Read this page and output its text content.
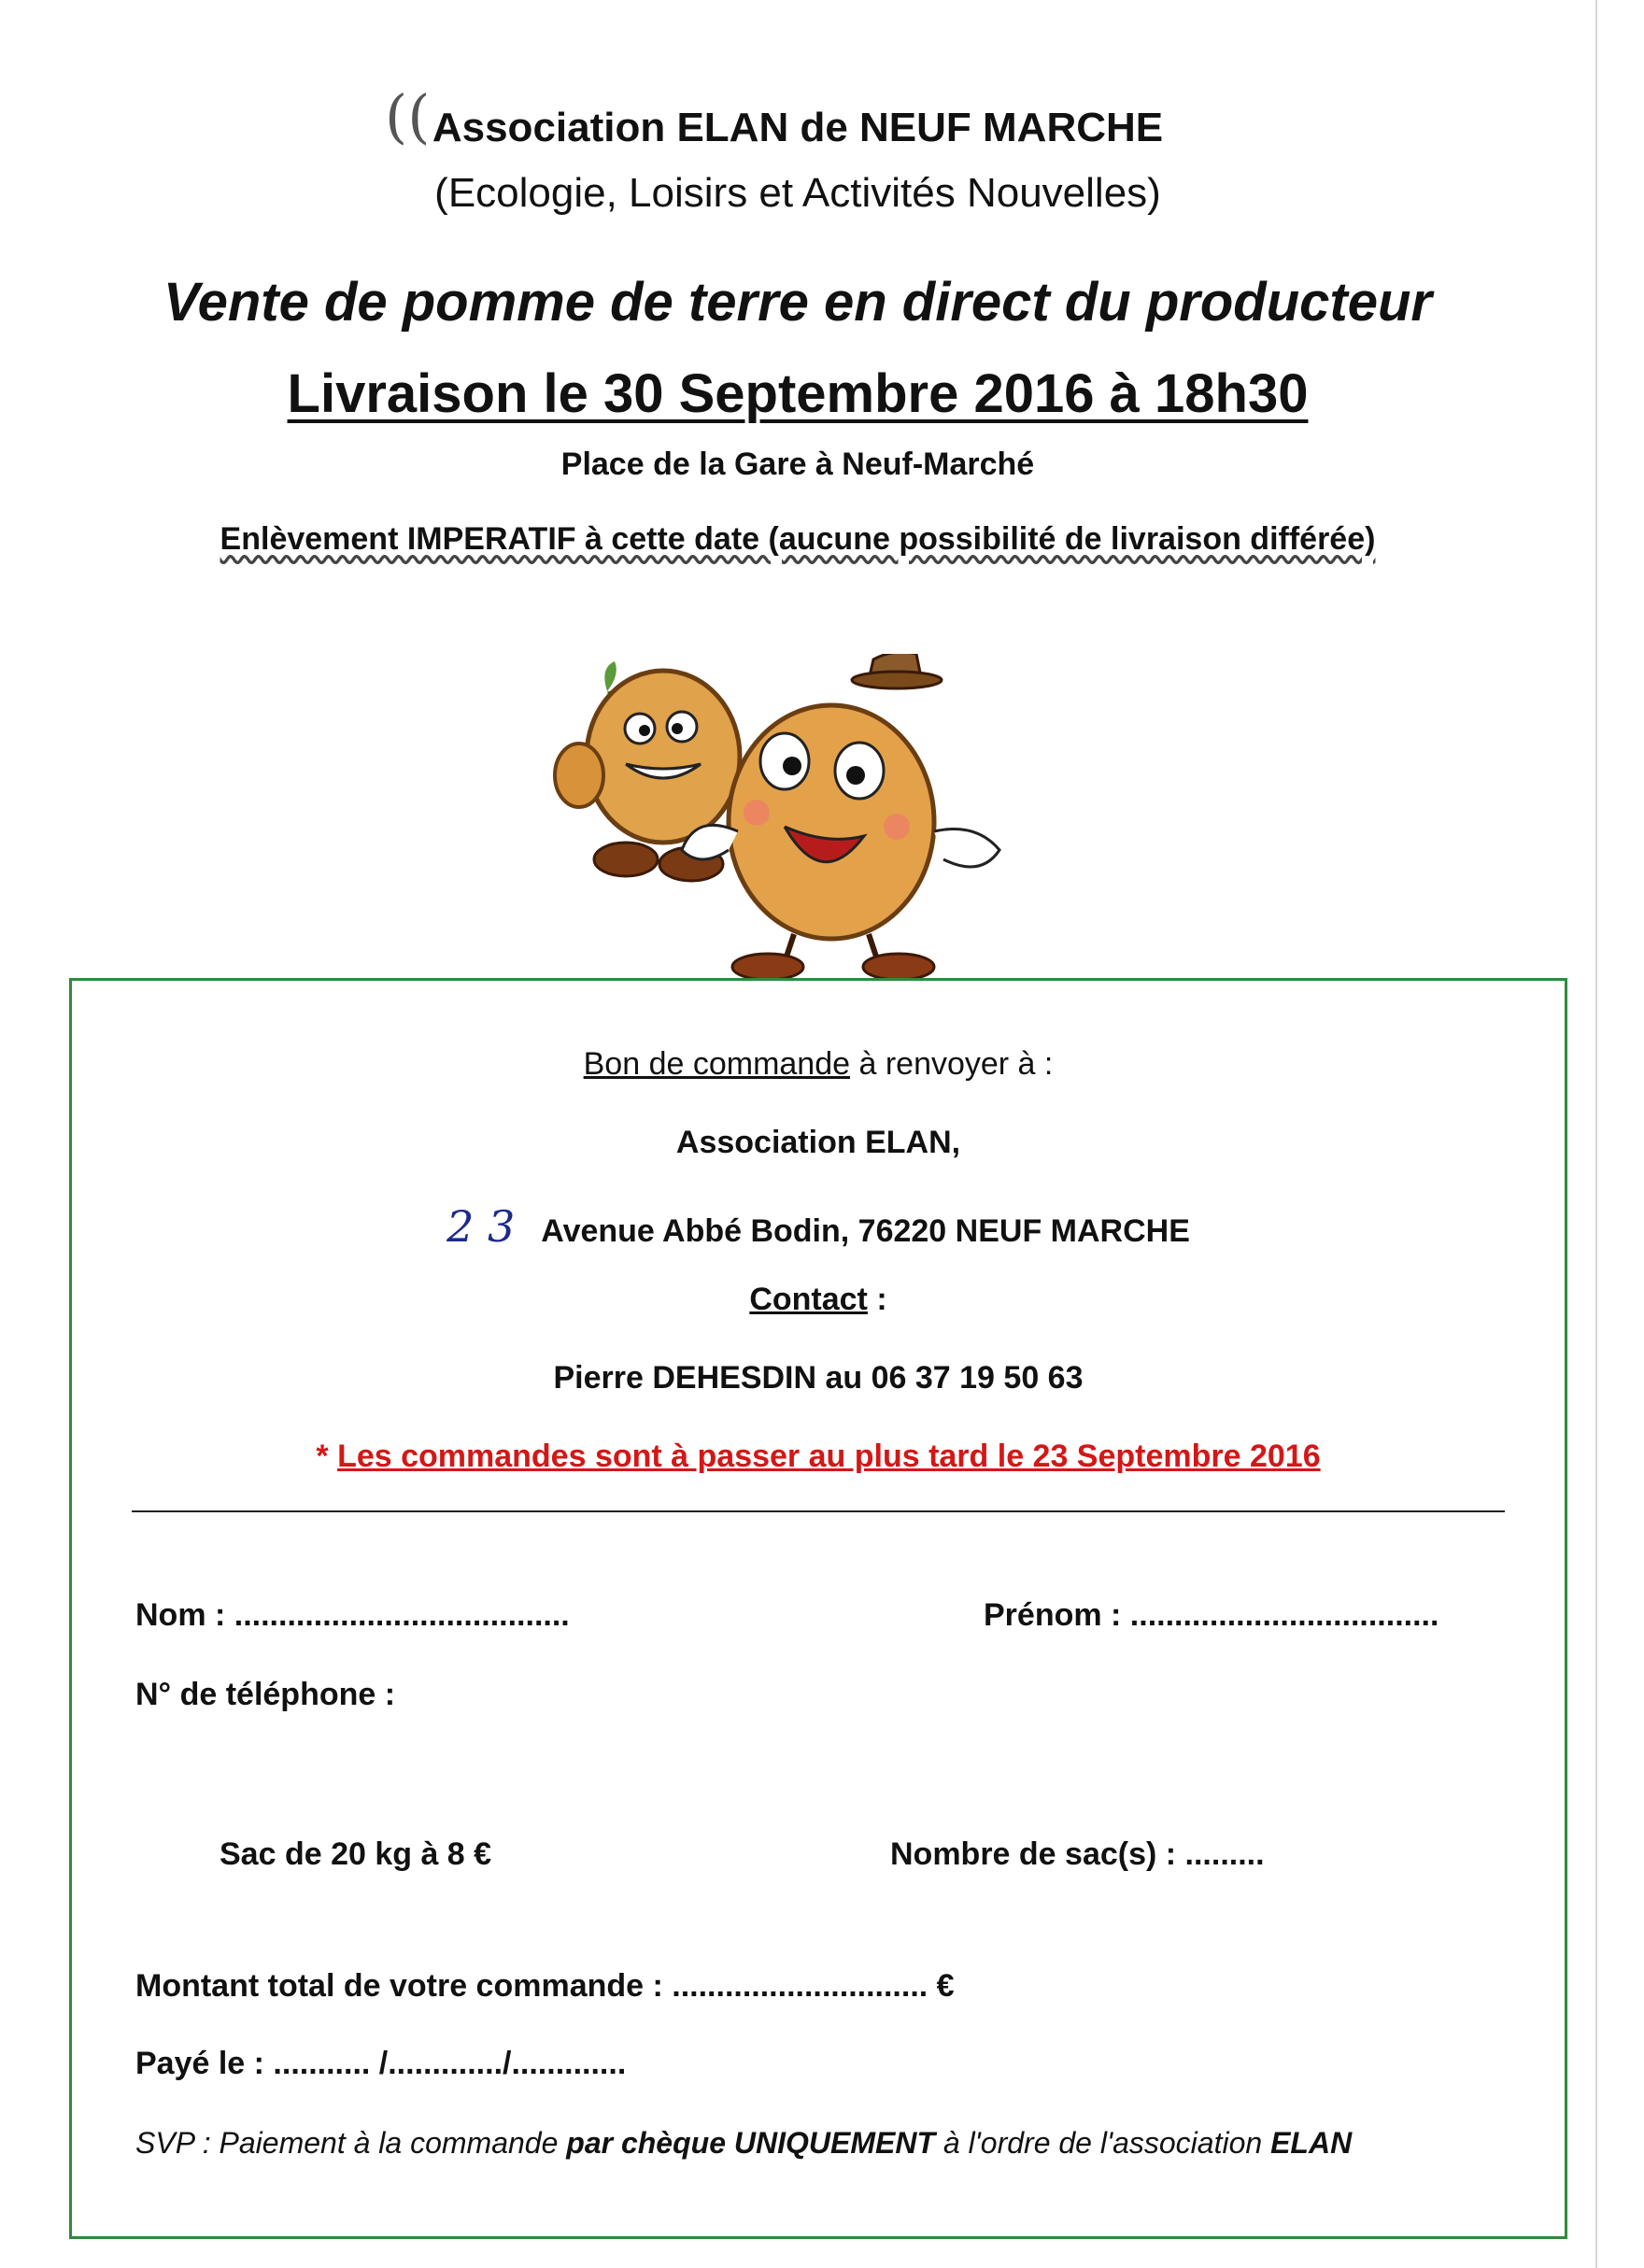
(( Association ELAN de NEUF MARCHE
(Ecologie, Loisirs et Activités Nouvelles)
Vente de pomme de terre en direct du producteur
Livraison le 30 Septembre 2016 à 18h30
Place de la Gare à Neuf-Marché
Enlèvement IMPERATIF à cette date (aucune possibilité de livraison différée)
Bon de commande à renvoyer à :
Association ELAN,
2 3 Avenue Abbé Bodin, 76220 NEUF MARCHE
Contact :
Pierre DEHESDIN au 06 37 19 50 63
* Les commandes sont à passer au plus tard le 23 Septembre 2016
Nom : ......................................	Prénom : ...................................
N° de téléphone :
Sac de 20 kg à 8 €	Nombre de sac(s) : .........
Montant total de votre commande : ............................. €
Payé le : ........... /............./.............
SVP : Paiement à la commande par chèque UNIQUEMENT à l'ordre de l'association ELAN
